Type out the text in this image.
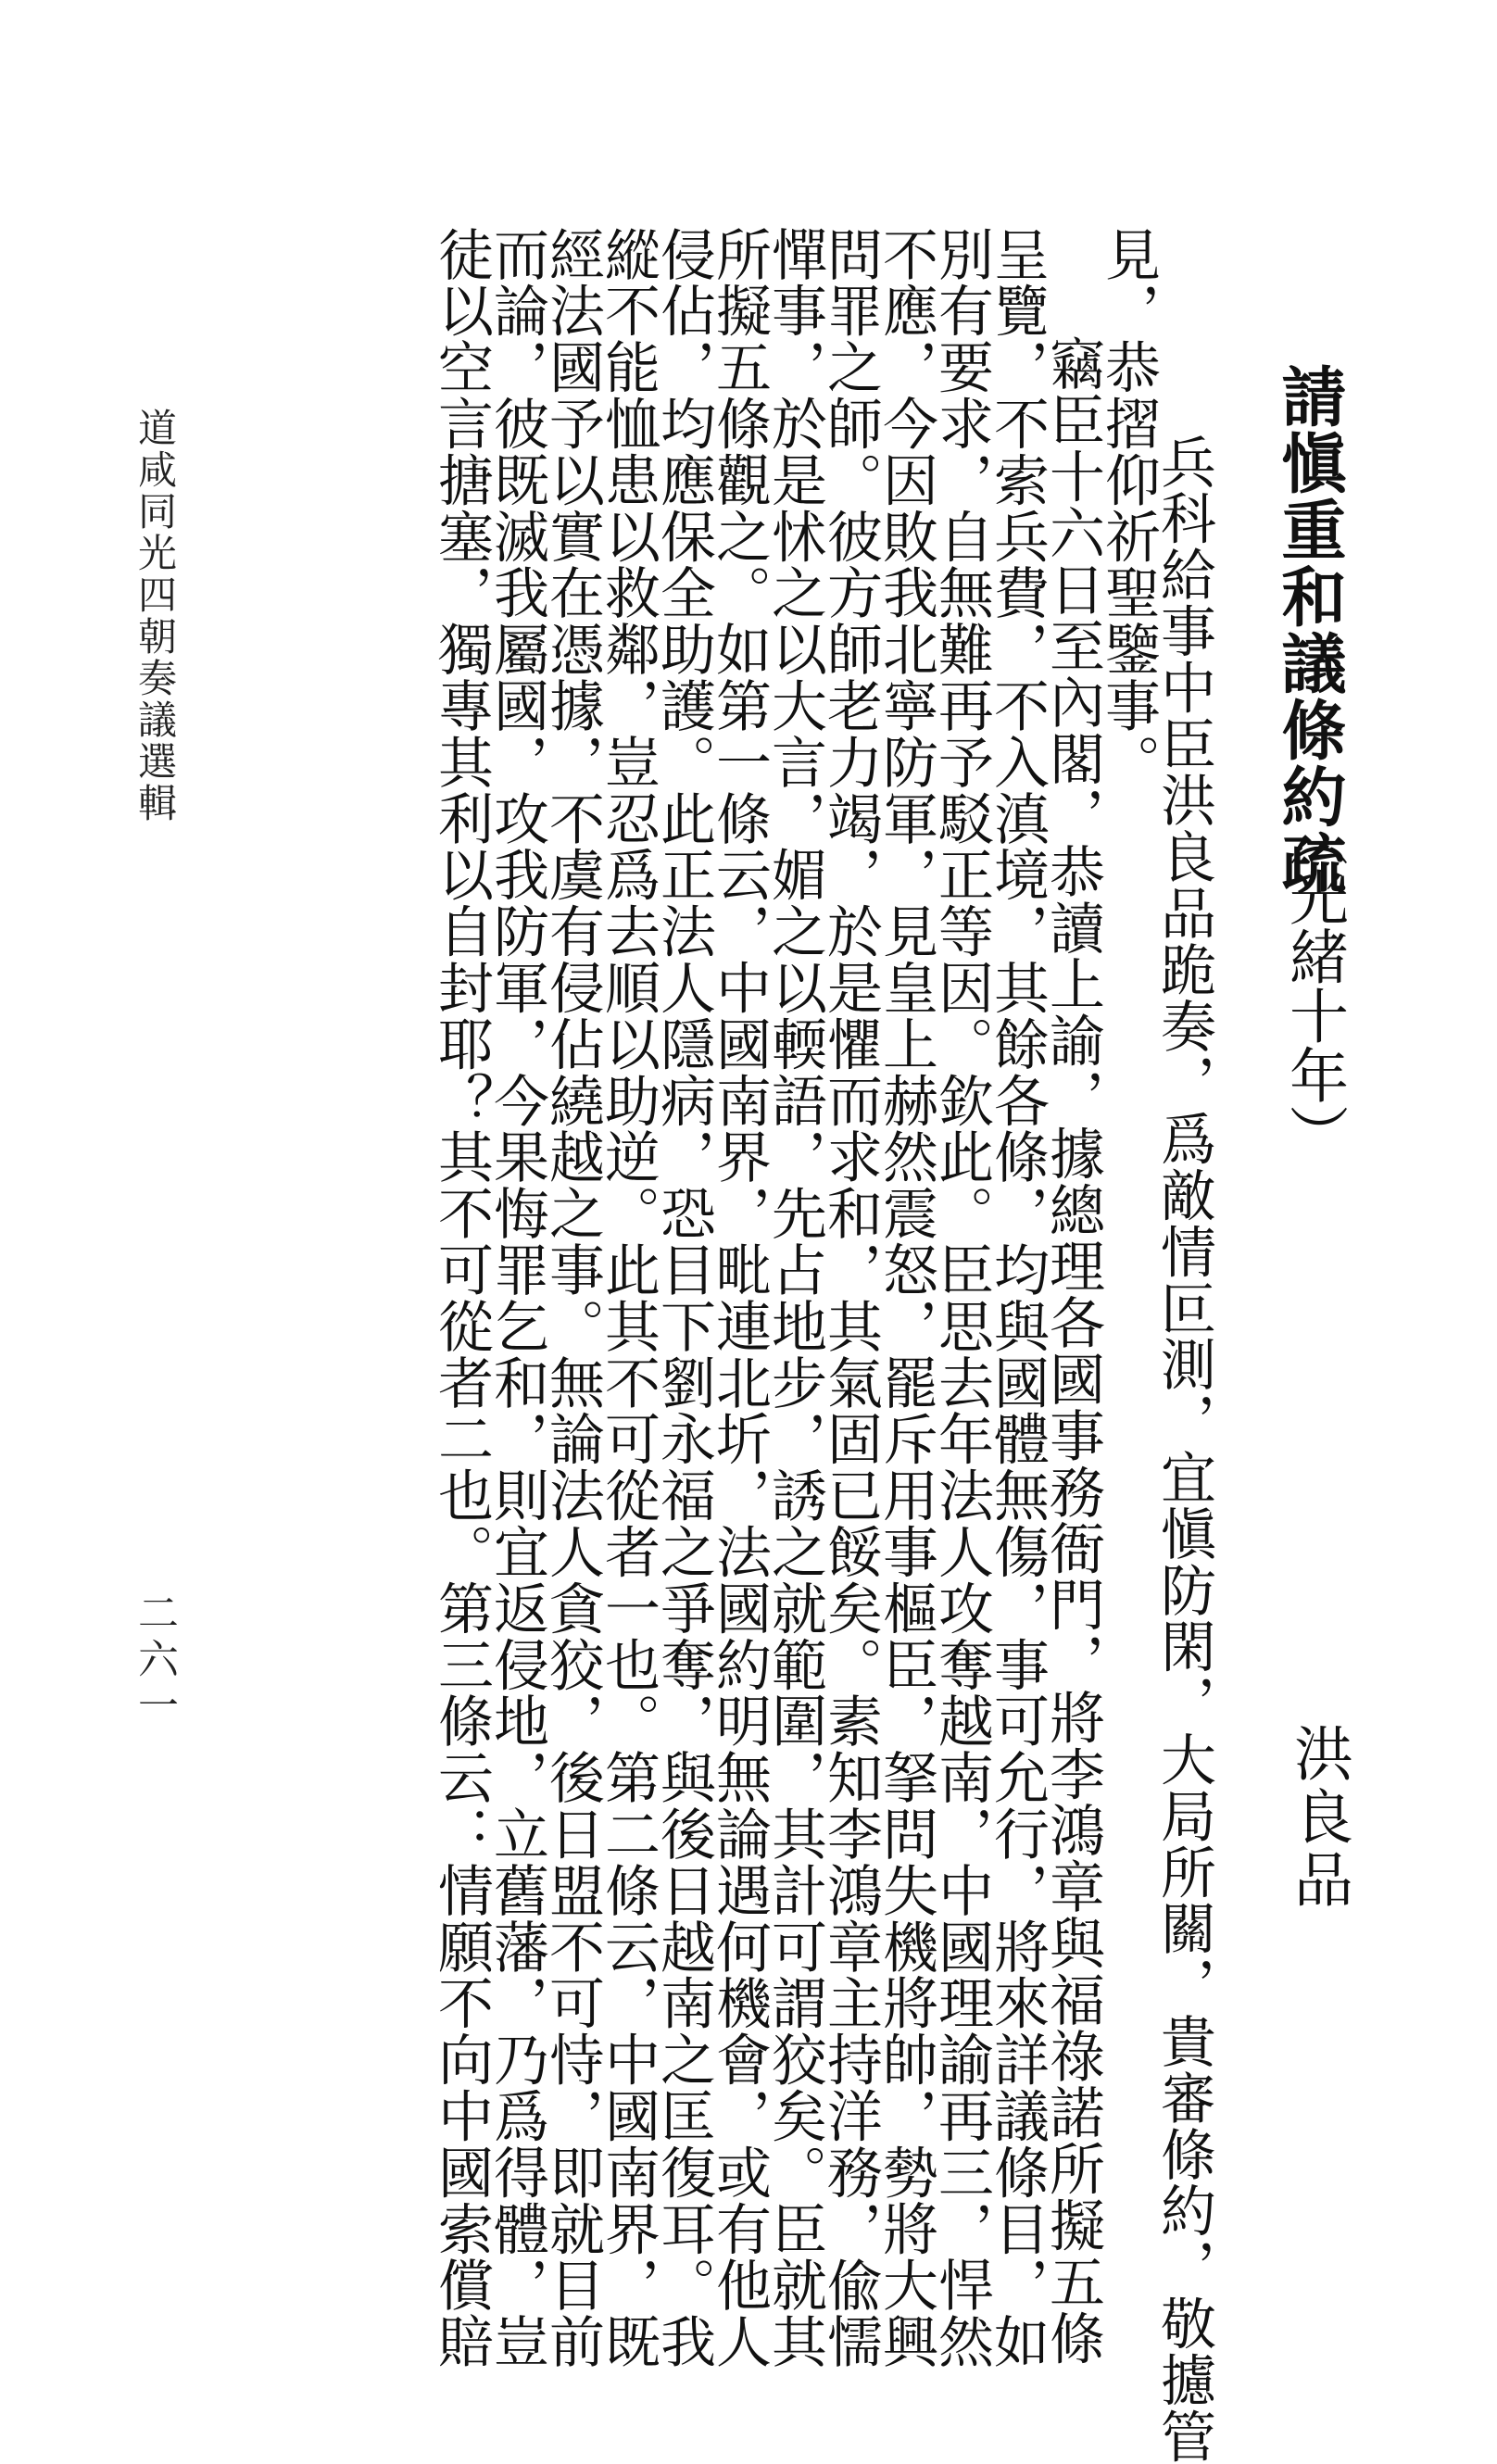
請愼重和議條約疏
（光緒十年）
洪良品
兵科給事中臣洪良品跪奏，爲敵情叵測，宜愼防閑，大局所關，貴審條約，敬攄管
見，恭摺仰祈聖鑒事。
竊臣十六日至內閣，恭讀上諭，據總理各國事務衙門，將李鴻章與福祿諾所擬五條
呈覽，不索兵費，不入滇境，其餘各條，均與國體無傷，事可允行，將來詳議條目，如
別有要求，自無難再予駁正等因。欽此。臣思去年法人攻奪越南，中國理諭再三，悍然
不應，今因敗我北寧防軍，見皇上赫然震怒，罷斥用事樞臣，拏問失機將帥，勢將大興
問罪之師。彼方師老力竭，於是懼而求和，其氣固已餒矣。素知李鴻章主持洋務，偸懦
憚事，於是怵之以大言，媚之以輭語，先占地步，誘之就範圍，其計可謂狡矣。臣就其
所擬五條觀之。如第一條云，中國南界，毗連北圻，法國約明無論遇何機會，或有他人
侵佔，均應保全助護。此正法人隱病，恐目下劉永福之爭奪，與後日越南之匡復耳。我
縱不能恤患以救鄰，豈忍爲去順以助逆。此其不可從者一也。第二條云，中國南界，既
經法國予以實在憑據，不虞有侵佔繞越之事。無論法人貪狡，後日盟不可恃，即就目前
而論，彼既滅我屬國，攻我防軍，今果悔罪乞和，則宜返侵地，立舊藩，乃爲得體，豈
徒以空言搪塞，獨專其利以自封耶？其不可從者二也。第三條云：情願不向中國索償賠
道咸同光四朝奏議選輯
二六一
